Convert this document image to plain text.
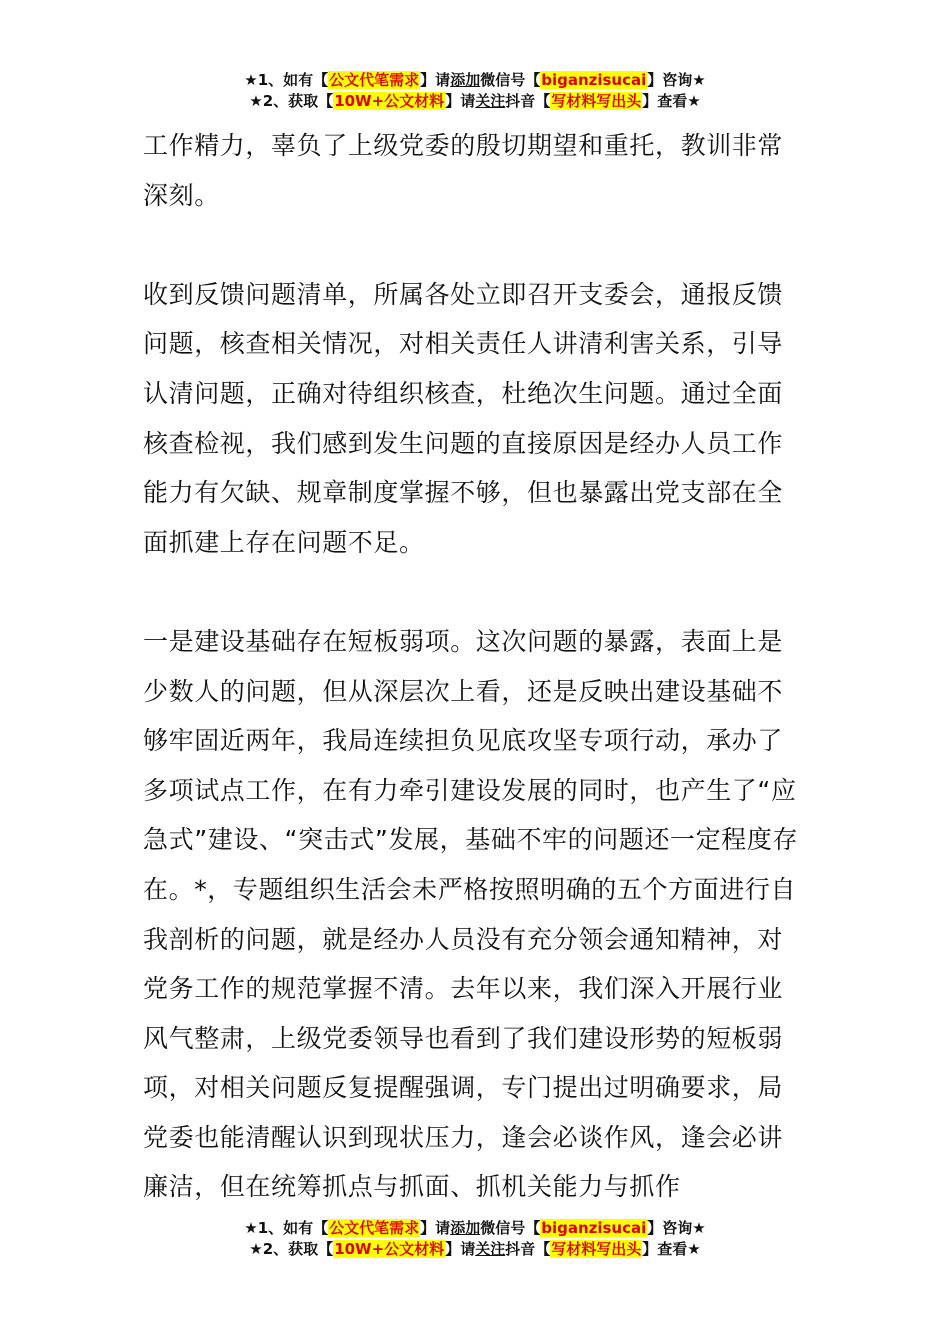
★1、如有【公文代笔需求】请添加微信号【biganzisucai】咨询★
★2、获取【10W+公文材料】请关注抖音【写材料写出头】查看★

工作精力，辜负了上级党委的殷切期望和重托，教训非常深刻。

收到反馈问题清单，所属各处立即召开支委会，通报反馈问题，核查相关情况，对相关责任人讲清利害关系，引导认清问题，正确对待组织核查，杜绝次生问题。通过全面核查检视，我们感到发生问题的直接原因是经办人员工作能力有欠缺、规章制度掌握不够，但也暴露出党支部在全面抓建上存在问题不足。

一是建设基础存在短板弱项。这次问题的暴露，表面上是少数人的问题，但从深层次上看，还是反映出建设基础不够牢固近两年，我局连续担负见底攻坚专项行动，承办了多项试点工作，在有力牵引建设发展的同时，也产生了“应急式”建设、“突击式”发展，基础不牢的问题还一定程度存在。*，专题组织生活会未严格按照明确的五个方面进行自我剖析的问题，就是经办人员没有充分领会通知精神，对党务工作的规范掌握不清。去年以来，我们深入开展行业风气整肃，上级党委领导也看到了我们建设形势的短板弱项，对相关问题反复提醒强调，专门提出过明确要求，局党委也能清醒认识到现状压力，逢会必谈作风，逢会必讲廉洁，但在统筹抓点与抓面、抓机关能力与抓作

★1、如有【公文代笔需求】请添加微信号【biganzisucai】咨询★
★2、获取【10W+公文材料】请关注抖音【写材料写出头】查看★
